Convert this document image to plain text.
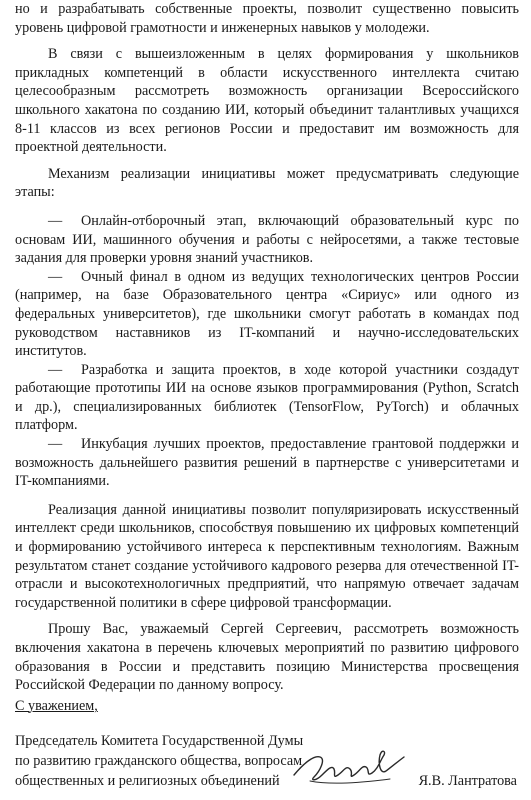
но и разрабатывать собственные проекты, позволит существенно повысить уровень цифровой грамотности и инженерных навыков у молодежи.

В связи с вышеизложенным в целях формирования у школьников прикладных компетенций в области искусственного интеллекта считаю целесообразным рассмотреть возможность организации Всероссийского школьного хакатона по созданию ИИ, который объединит талантливых учащихся 8-11 классов из всех регионов России и предоставит им возможность для проектной деятельности.

Механизм реализации инициативы может предусматривать следующие этапы:

— Онлайн-отборочный этап, включающий образовательный курс по основам ИИ, машинного обучения и работы с нейросетями, а также тестовые задания для проверки уровня знаний участников.

— Очный финал в одном из ведущих технологических центров России (например, на базе Образовательного центра «Сириус» или одного из федеральных университетов), где школьники смогут работать в командах под руководством наставников из IT-компаний и научно-исследовательских институтов.

— Разработка и защита проектов, в ходе которой участники создадут работающие прототипы ИИ на основе языков программирования (Python, Scratch и др.), специализированных библиотек (TensorFlow, PyTorch) и облачных платформ.

— Инкубация лучших проектов, предоставление грантовой поддержки и возможность дальнейшего развития решений в партнерстве с университетами и IT-компаниями.

Реализация данной инициативы позволит популяризировать искусственный интеллект среди школьников, способствуя повышению их цифровых компетенций и формированию устойчивого интереса к перспективным технологиям. Важным результатом станет создание устойчивого кадрового резерва для отечественной IT-отрасли и высокотехнологичных предприятий, что напрямую отвечает задачам государственной политики в сфере цифровой трансформации.

Прошу Вас, уважаемый Сергей Сергеевич, рассмотреть возможность включения хакатона в перечень ключевых мероприятий по развитию цифрового образования в России и представить позицию Министерства просвещения Российской Федерации по данному вопросу.

С уважением,
Председатель Комитета Государственной Думы
по развитию гражданского общества, вопросам
общественных и религиозных объединений	Я.В. Лантратова
